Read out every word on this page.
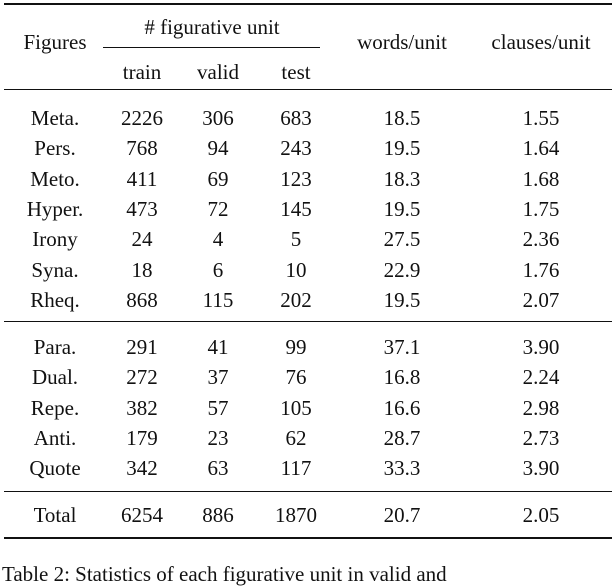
Figures
# figurative unit
train valid test
words/unit clauses/unit
Meta. 2226 306 683	18.5	1.55
Pers. 768 94 243	19.5	1.64
Meto. 411 69 123	18.3	1.68
Hyper. 473 72 145	19.5	1.75
Irony	24	4	5	27.5	2.36
Syna.	18	6	10	22.9	1.76
Rheq. 868 115 202	19.5	2.07
Para. 291 41	99	37.1	3.90
Dual. 272 37	76	16.8	2.24
Repe. 382 57 105	16.6	2.98
Anti. 179 23	62	28.7	2.73
Quote 342 63 117	33.3	3.90
Total 6254 886 1870	20.7	2.05
Table 2: Statistics of each figurative unit in valid and
